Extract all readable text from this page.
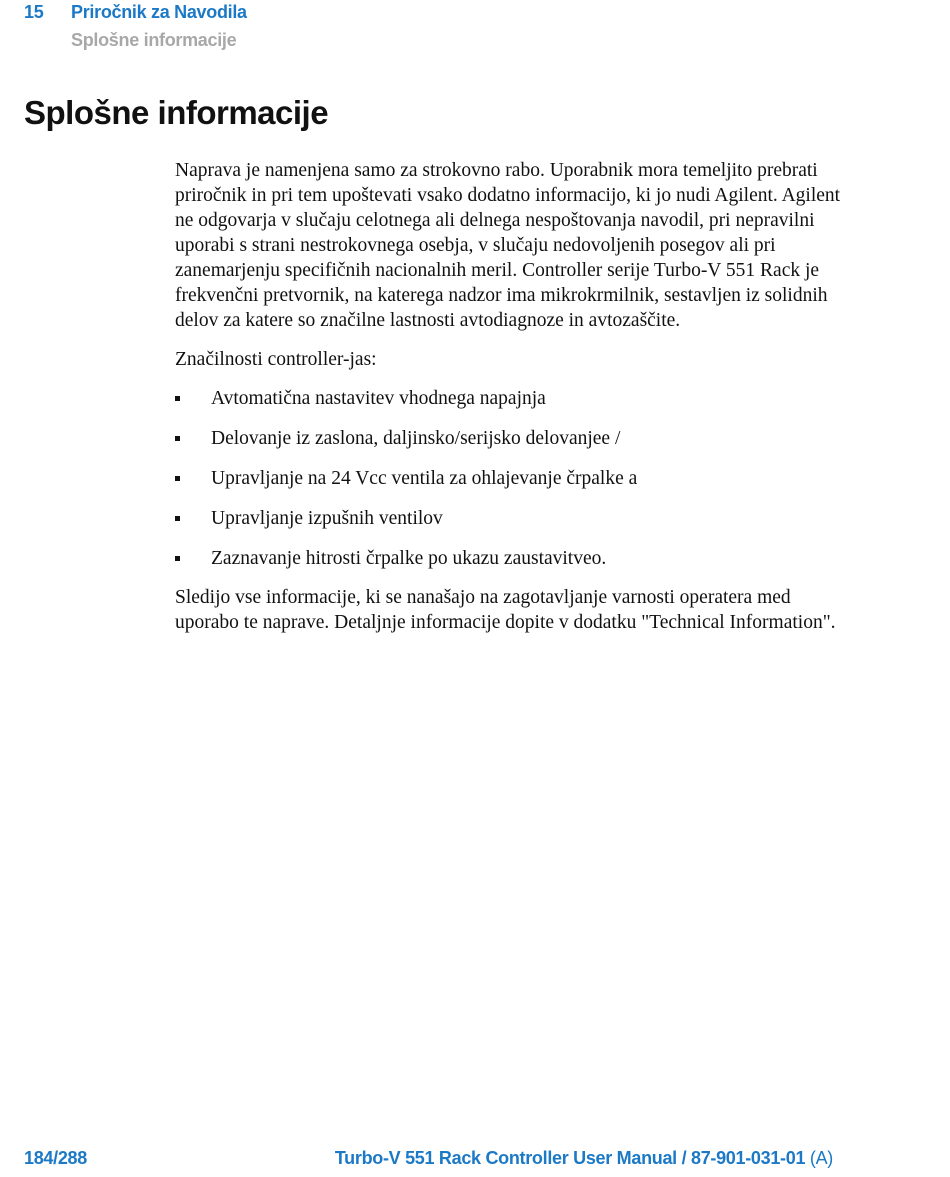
15 Priročnik za Navodila
Splošne informacije
Splošne informacije

Naprava je namenjena samo za strokovno rabo. Uporabnik mora temeljito prebrati priročnik in pri tem upoštevati vsako dodatno informacijo, ki jo nudi Agilent. Agilent ne odgovarja v slučaju celotnega ali delnega nespoštovanja navodil, pri nepravilni uporabi s strani nestrokovnega osebja, v slučaju nedovoljenih posegov ali pri zanemarjenju specifičnih nacionalnih meril. Controller serije Turbo-V 551 Rack je frekvenčni pretvornik, na katerega nadzor ima mikrokrmilnik, sestavljen iz solidnih delov za katere so značilne lastnosti avtodiagnoze in avtozaščite.

Značilnosti controller-jas:

Avtomatična nastavitev vhodnega napajnja
Delovanje iz zaslona, daljinsko/serijsko delovanjee /
Upravljanje na 24 Vcc ventila za ohlajevanje črpalke a
Upravljanje izpušnih ventilov
Zaznavanje hitrosti črpalke po ukazu zaustavitveo.

Sledijo vse informacije, ki se nanašajo na zagotavljanje varnosti operatera med uporabo te naprave. Detaljnje informacije dopite v dodatku "Technical Information".

184/288	Turbo-V 551 Rack Controller User Manual / 87-901-031-01 (A)
